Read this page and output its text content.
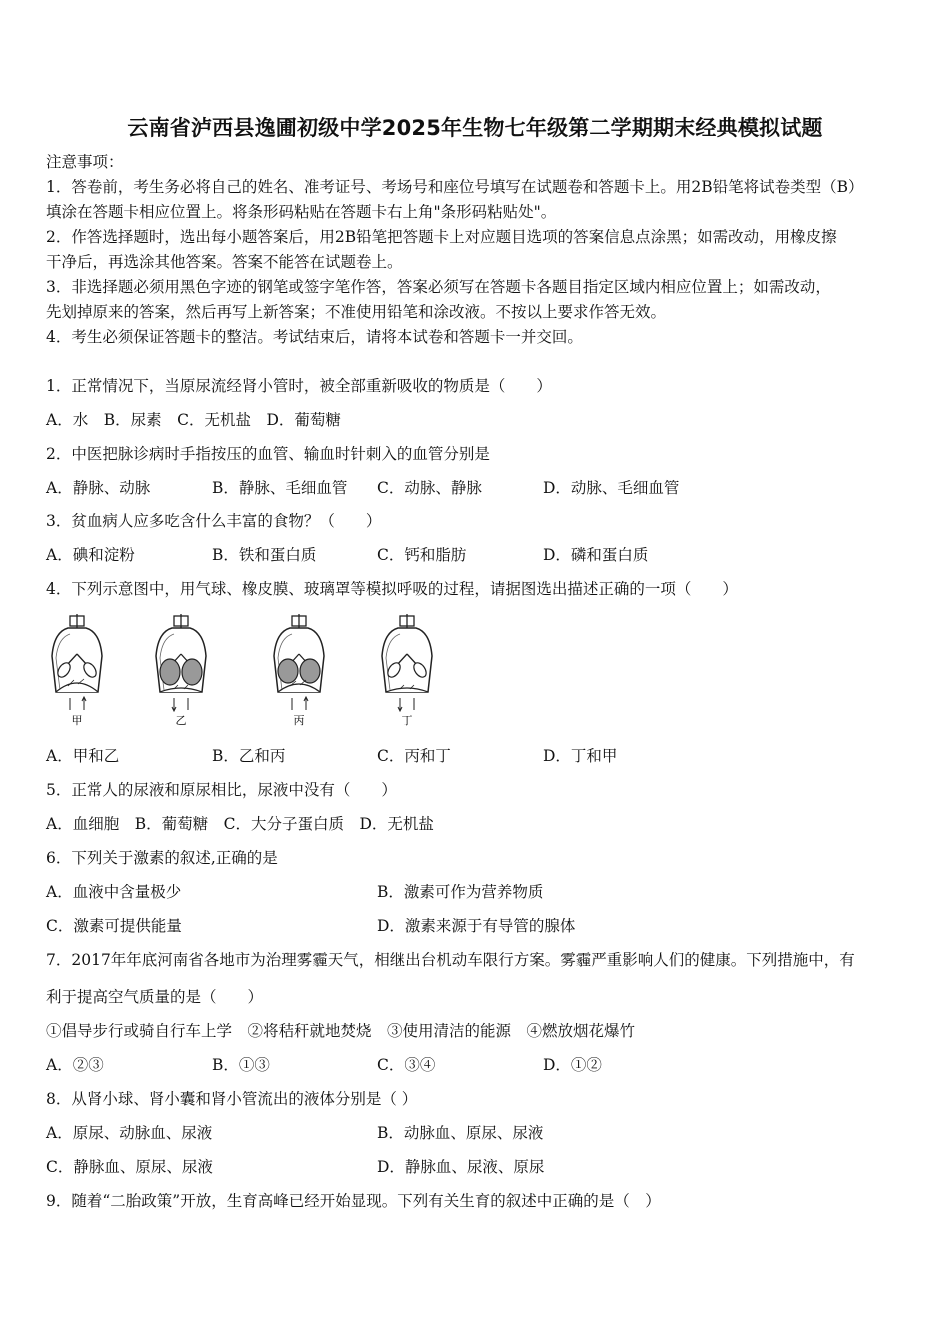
云南省泸西县逸圃初级中学2025年生物七年级第二学期期末经典模拟试题
注意事项：
1．答卷前，考生务必将自己的姓名、准考证号、考场号和座位号填写在试题卷和答题卡上。用2B铅笔将试卷类型（B）
填涂在答题卡相应位置上。将条形码粘贴在答题卡右上角"条形码粘贴处"。
2．作答选择题时，选出每小题答案后，用2B铅笔把答题卡上对应题目选项的答案信息点涂黑；如需改动，用橡皮擦
干净后，再选涂其他答案。答案不能答在试题卷上。
3．非选择题必须用黑色字迹的钢笔或签字笔作答，答案必须写在答题卡各题目指定区域内相应位置上；如需改动，
先划掉原来的答案，然后再写上新答案；不准使用铅笔和涂改液。不按以上要求作答无效。
4．考生必须保证答题卡的整洁。考试结束后，请将本试卷和答题卡一并交回。
1．正常情况下，当原尿流经肾小管时，被全部重新吸收的物质是（　　）
A．水　B．尿素　C．无机盐　D．葡萄糖
2．中医把脉诊病时手指按压的血管、输血时针刺入的血管分别是
A．静脉、动脉	B．静脉、毛细血管 C．动脉、静脉	D．动脉、毛细血管
3．贫血病人应多吃含什么丰富的食物？（　　）
A．碘和淀粉	B．铁和蛋白质	C．钙和脂肪	D．磷和蛋白质
4．下列示意图中，用气球、橡皮膜、玻璃罩等模拟呼吸的过程，请据图选出描述正确的一项（　　）
甲	乙	丙	丁
A．甲和乙	B．乙和丙	C．丙和丁	D．丁和甲
5．正常人的尿液和原尿相比，尿液中没有（　　）
A．血细胞　B．葡萄糖　C．大分子蛋白质　D．无机盐
6．下列关于激素的叙述,正确的是
A．血液中含量极少	B．激素可作为营养物质
C．激素可提供能量	D．激素来源于有导管的腺体
7．2017年年底河南省各地市为治理雾霾天气，相继出台机动车限行方案。雾霾严重影响人们的健康。下列措施中，有
利于提高空气质量的是（　　）
①倡导步行或骑自行车上学　②将秸秆就地焚烧　③使用清洁的能源　④燃放烟花爆竹
A．②③	B．①③	C．③④	D．①②
8．从肾小球、肾小囊和肾小管流出的液体分别是（ ）
A．原尿、动脉血、尿液	B．动脉血、原尿、尿液
C．静脉血、原尿、尿液	D．静脉血、尿液、原尿
9．随着“二胎政策”开放，生育高峰已经开始显现。下列有关生育的叙述中正确的是（　）
